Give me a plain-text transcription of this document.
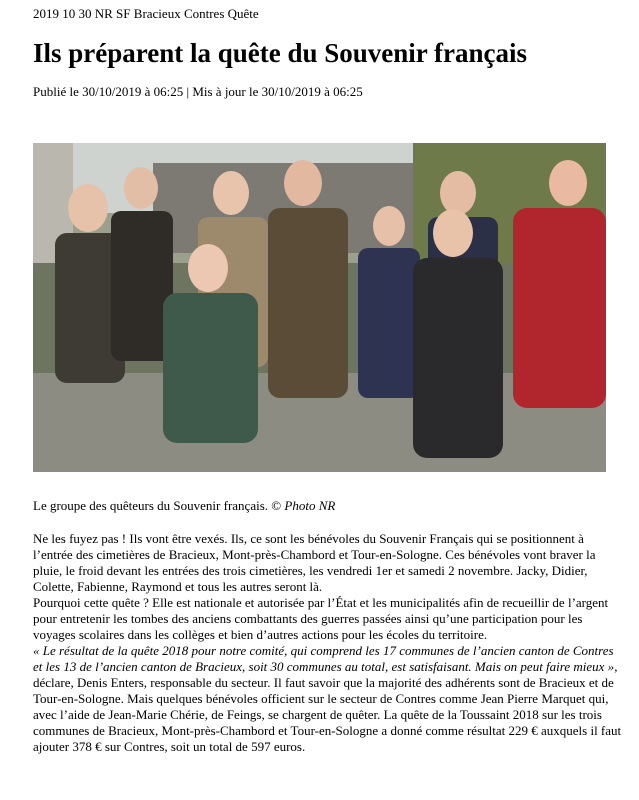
2019 10 30 NR SF Bracieux Contres Quête
Ils préparent la quête du Souvenir français
Publié le 30/10/2019 à 06:25 | Mis à jour le 30/10/2019 à 06:25
Le groupe des quêteurs du Souvenir français. © Photo NR

Ne les fuyez pas ! Ils vont être vexés. Ils, ce sont les bénévoles du Souvenir Français qui se positionnent à l’entrée des cimetières de Bracieux, Mont-près-Chambord et Tour-en-Sologne. Ces bénévoles vont braver la pluie, le froid devant les entrées des trois cimetières, les vendredi 1er et samedi 2 novembre. Jacky, Didier, Colette, Fabienne, Raymond et tous les autres seront là.

Pourquoi cette quête ? Elle est nationale et autorisée par l’État et les municipalités afin de recueillir de l’argent pour entretenir les tombes des anciens combattants des guerres passées ainsi qu’une participation pour les voyages scolaires dans les collèges et bien d’autres actions pour les écoles du territoire.

« Le résultat de la quête 2018 pour notre comité, qui comprend les 17 communes de l’ancien canton de Contres et les 13 de l’ancien canton de Bracieux, soit 30 communes au total, est satisfaisant. Mais on peut faire mieux », déclare, Denis Enters, responsable du secteur. Il faut savoir que la majorité des adhérents sont de Bracieux et de Tour-en-Sologne. Mais quelques bénévoles officient sur le secteur de Contres comme Jean Pierre Marquet qui, avec l’aide de Jean-Marie Chérie, de Feings, se chargent de quêter. La quête de la Toussaint 2018 sur les trois communes de Bracieux, Mont-près-Chambord et Tour-en-Sologne a donné comme résultat 229 € auxquels il faut ajouter 378 € sur Contres, soit un total de 597 euros.
